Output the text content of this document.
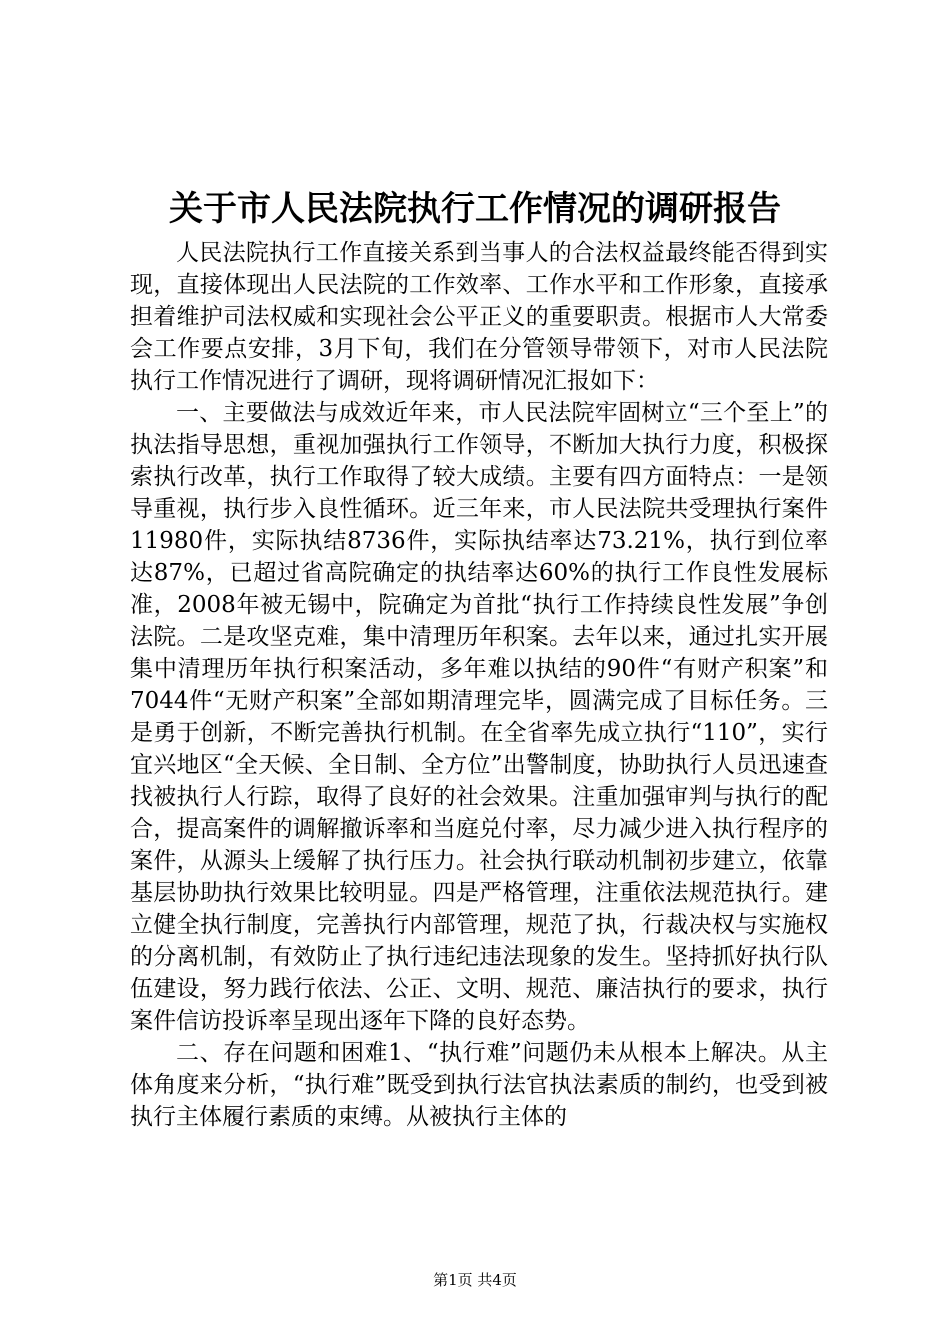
关于市人民法院执行工作情况的调研报告

人民法院执行工作直接关系到当事人的合法权益最终能否得到实现，直接体现出人民法院的工作效率、工作水平和工作形象，直接承担着维护司法权威和实现社会公平正义的重要职责。根据市人大常委会工作要点安排，3月下旬，我们在分管领导带领下，对市人民法院执行工作情况进行了调研，现将调研情况汇报如下：

一、主要做法与成效近年来，市人民法院牢固树立“三个至上”的执法指导思想，重视加强执行工作领导，不断加大执行力度，积极探索执行改革，执行工作取得了较大成绩。主要有四方面特点：一是领导重视，执行步入良性循环。近三年来，市人民法院共受理执行案件11980件，实际执结8736件，实际执结率达73.21%，执行到位率达87%，已超过省高院确定的执结率达60%的执行工作良性发展标准，2008年被无锡中，院确定为首批“执行工作持续良性发展”争创法院。二是攻坚克难，集中清理历年积案。去年以来，通过扎实开展集中清理历年执行积案活动，多年难以执结的90件“有财产积案”和7044件“无财产积案”全部如期清理完毕，圆满完成了目标任务。三是勇于创新，不断完善执行机制。在全省率先成立执行“110”，实行宜兴地区“全天候、全日制、全方位”出警制度，协助执行人员迅速查找被执行人行踪，取得了良好的社会效果。注重加强审判与执行的配合，提高案件的调解撤诉率和当庭兑付率，尽力减少进入执行程序的案件，从源头上缓解了执行压力。社会执行联动机制初步建立，依靠基层协助执行效果比较明显。四是严格管理，注重依法规范执行。建立健全执行制度，完善执行内部管理，规范了执，行裁决权与实施权的分离机制，有效防止了执行违纪违法现象的发生。坚持抓好执行队伍建设，努力践行依法、公正、文明、规范、廉洁执行的要求，执行案件信访投诉率呈现出逐年下降的良好态势。

二、存在问题和困难1、“执行难”问题仍未从根本上解决。从主体角度来分析，“执行难”既受到执行法官执法素质的制约，也受到被执行主体履行素质的束缚。从被执行主体的

第1页 共4页
